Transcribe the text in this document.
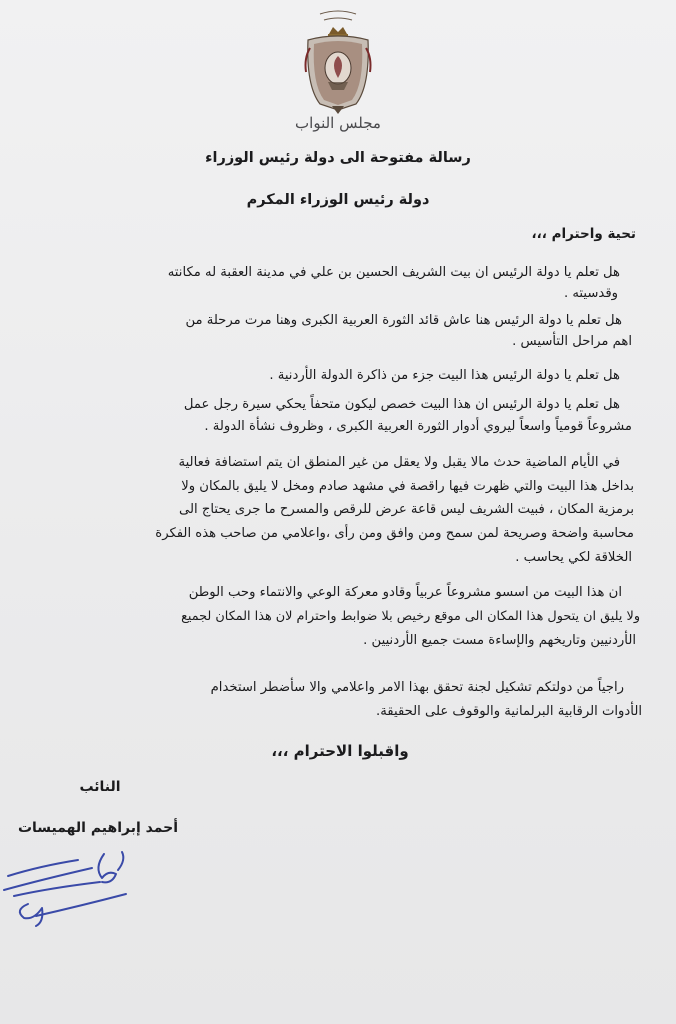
مجلس النواب
رسالة مفتوحة الى دولة رئيس الوزراء
دولة رئيس الوزراء المكرم
تحية واحترام ،،،
هل تعلم يا دولة الرئيس ان بيت الشريف الحسين بن علي في مدينة العقبة له مكانته
وقدسيته .
هل تعلم يا دولة الرئيس هنا عاش قائد الثورة العربية الكبرى وهنا مرت مرحلة من
اهم مراحل التأسيس .
هل تعلم يا دولة الرئيس هذا البيت جزء من ذاكرة الدولة الأردنية .
هل تعلم يا دولة الرئيس ان هذا البيت خصص ليكون متحفاً يحكي سيرة رجل عمل
مشروعاً قومياً واسعاً ليروي أدوار الثورة العربية الكبرى ، وظروف نشأة الدولة .
في الأيام الماضية حدث مالا يقبل ولا يعقل من غير المنطق ان يتم استضافة فعالية
بداخل هذا البيت والتي ظهرت فيها راقصة في مشهد صادم ومخل لا يليق بالمكان ولا
برمزية المكان ، فبيت الشريف ليس قاعة عرض للرقص والمسرح ما جرى يحتاج الى
محاسبة واضحة وصريحة لمن سمح ومن وافق ومن رأى ،واعلامي من صاحب هذه الفكرة
الخلاقة لكي يحاسب .
ان هذا البيت من اسسو مشروعاً عربياً وقادو معركة الوعي والانتماء وحب الوطن
ولا يليق ان يتحول هذا المكان الى موقع رخيص بلا ضوابط واحترام لان هذا المكان لجميع
الأردنيين وتاريخهم والإساءة مست جميع الأردنيين .
راجياً من دولتكم تشكيل لجنة تحقق بهذا الامر واعلامي والا سأضطر استخدام
الأدوات الرقابية البرلمانية والوقوف على الحقيقة.
واقبلوا الاحترام ،،،
النائب
أحمد إبراهيم الهميسات
